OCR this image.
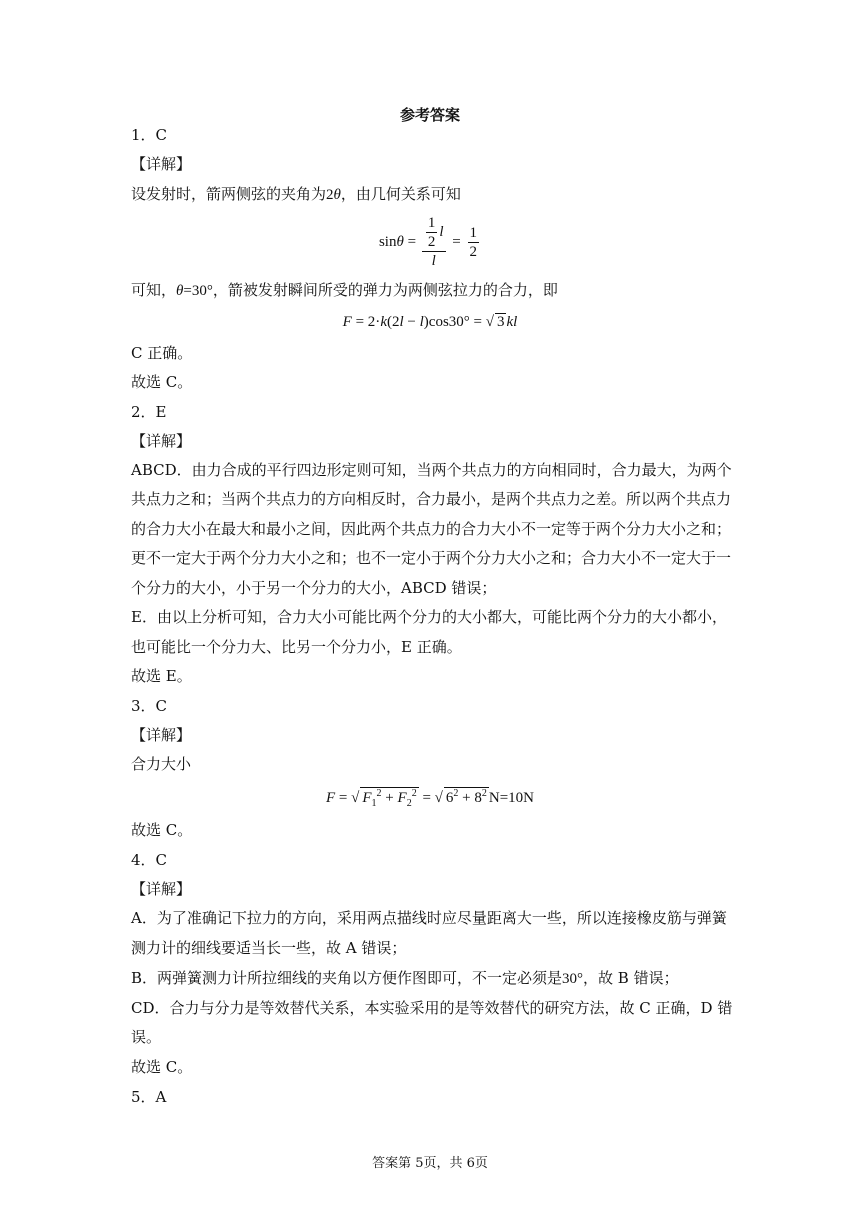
参考答案
1．C
【详解】
设发射时，箭两侧弦的夹角为2θ，由几何关系可知
$\sin\theta = \frac{\frac{1}{2} l}{l} = \frac{1}{2}$
可知，θ=30°，箭被发射瞬间所受的弹力为两侧弦拉力的合力，即
F = 2·k(2l − l)cos30° = √ 3 kl
C 正确。
故选 C。
2．E
【详解】
ABCD．由力合成的平行四边形定则可知，当两个共点力的方向相同时，合力最大，为两个
共点力之和；当两个共点力的方向相反时，合力最小，是两个共点力之差。所以两个共点力
的合力大小在最大和最小之间，因此两个共点力的合力大小不一定等于两个分力大小之和；
更不一定大于两个分力大小之和；也不一定小于两个分力大小之和；合力大小不一定大于一
个分力的大小，小于另一个分力的大小，ABCD 错误；
E．由以上分析可知，合力大小可能比两个分力的大小都大，可能比两个分力的大小都小，
也可能比一个分力大、比另一个分力小，E 正确。
故选 E。
3．C
【详解】
合力大小
F = √ $F_1^2 + F_2^2$ = √ $6^2 + 8^2$ N=10N
故选 C。
4．C
【详解】
A．为了准确记下拉力的方向，采用两点描线时应尽量距离大一些，所以连接橡皮筋与弹簧
测力计的细线要适当长一些，故 A 错误；
B．两弹簧测力计所拉细线的夹角以方便作图即可，不一定必须是30°，故 B 错误；
CD．合力与分力是等效替代关系，本实验采用的是等效替代的研究方法，故 C 正确，D 错
误。
故选 C。
5．A
答案第 5页，共 6页
